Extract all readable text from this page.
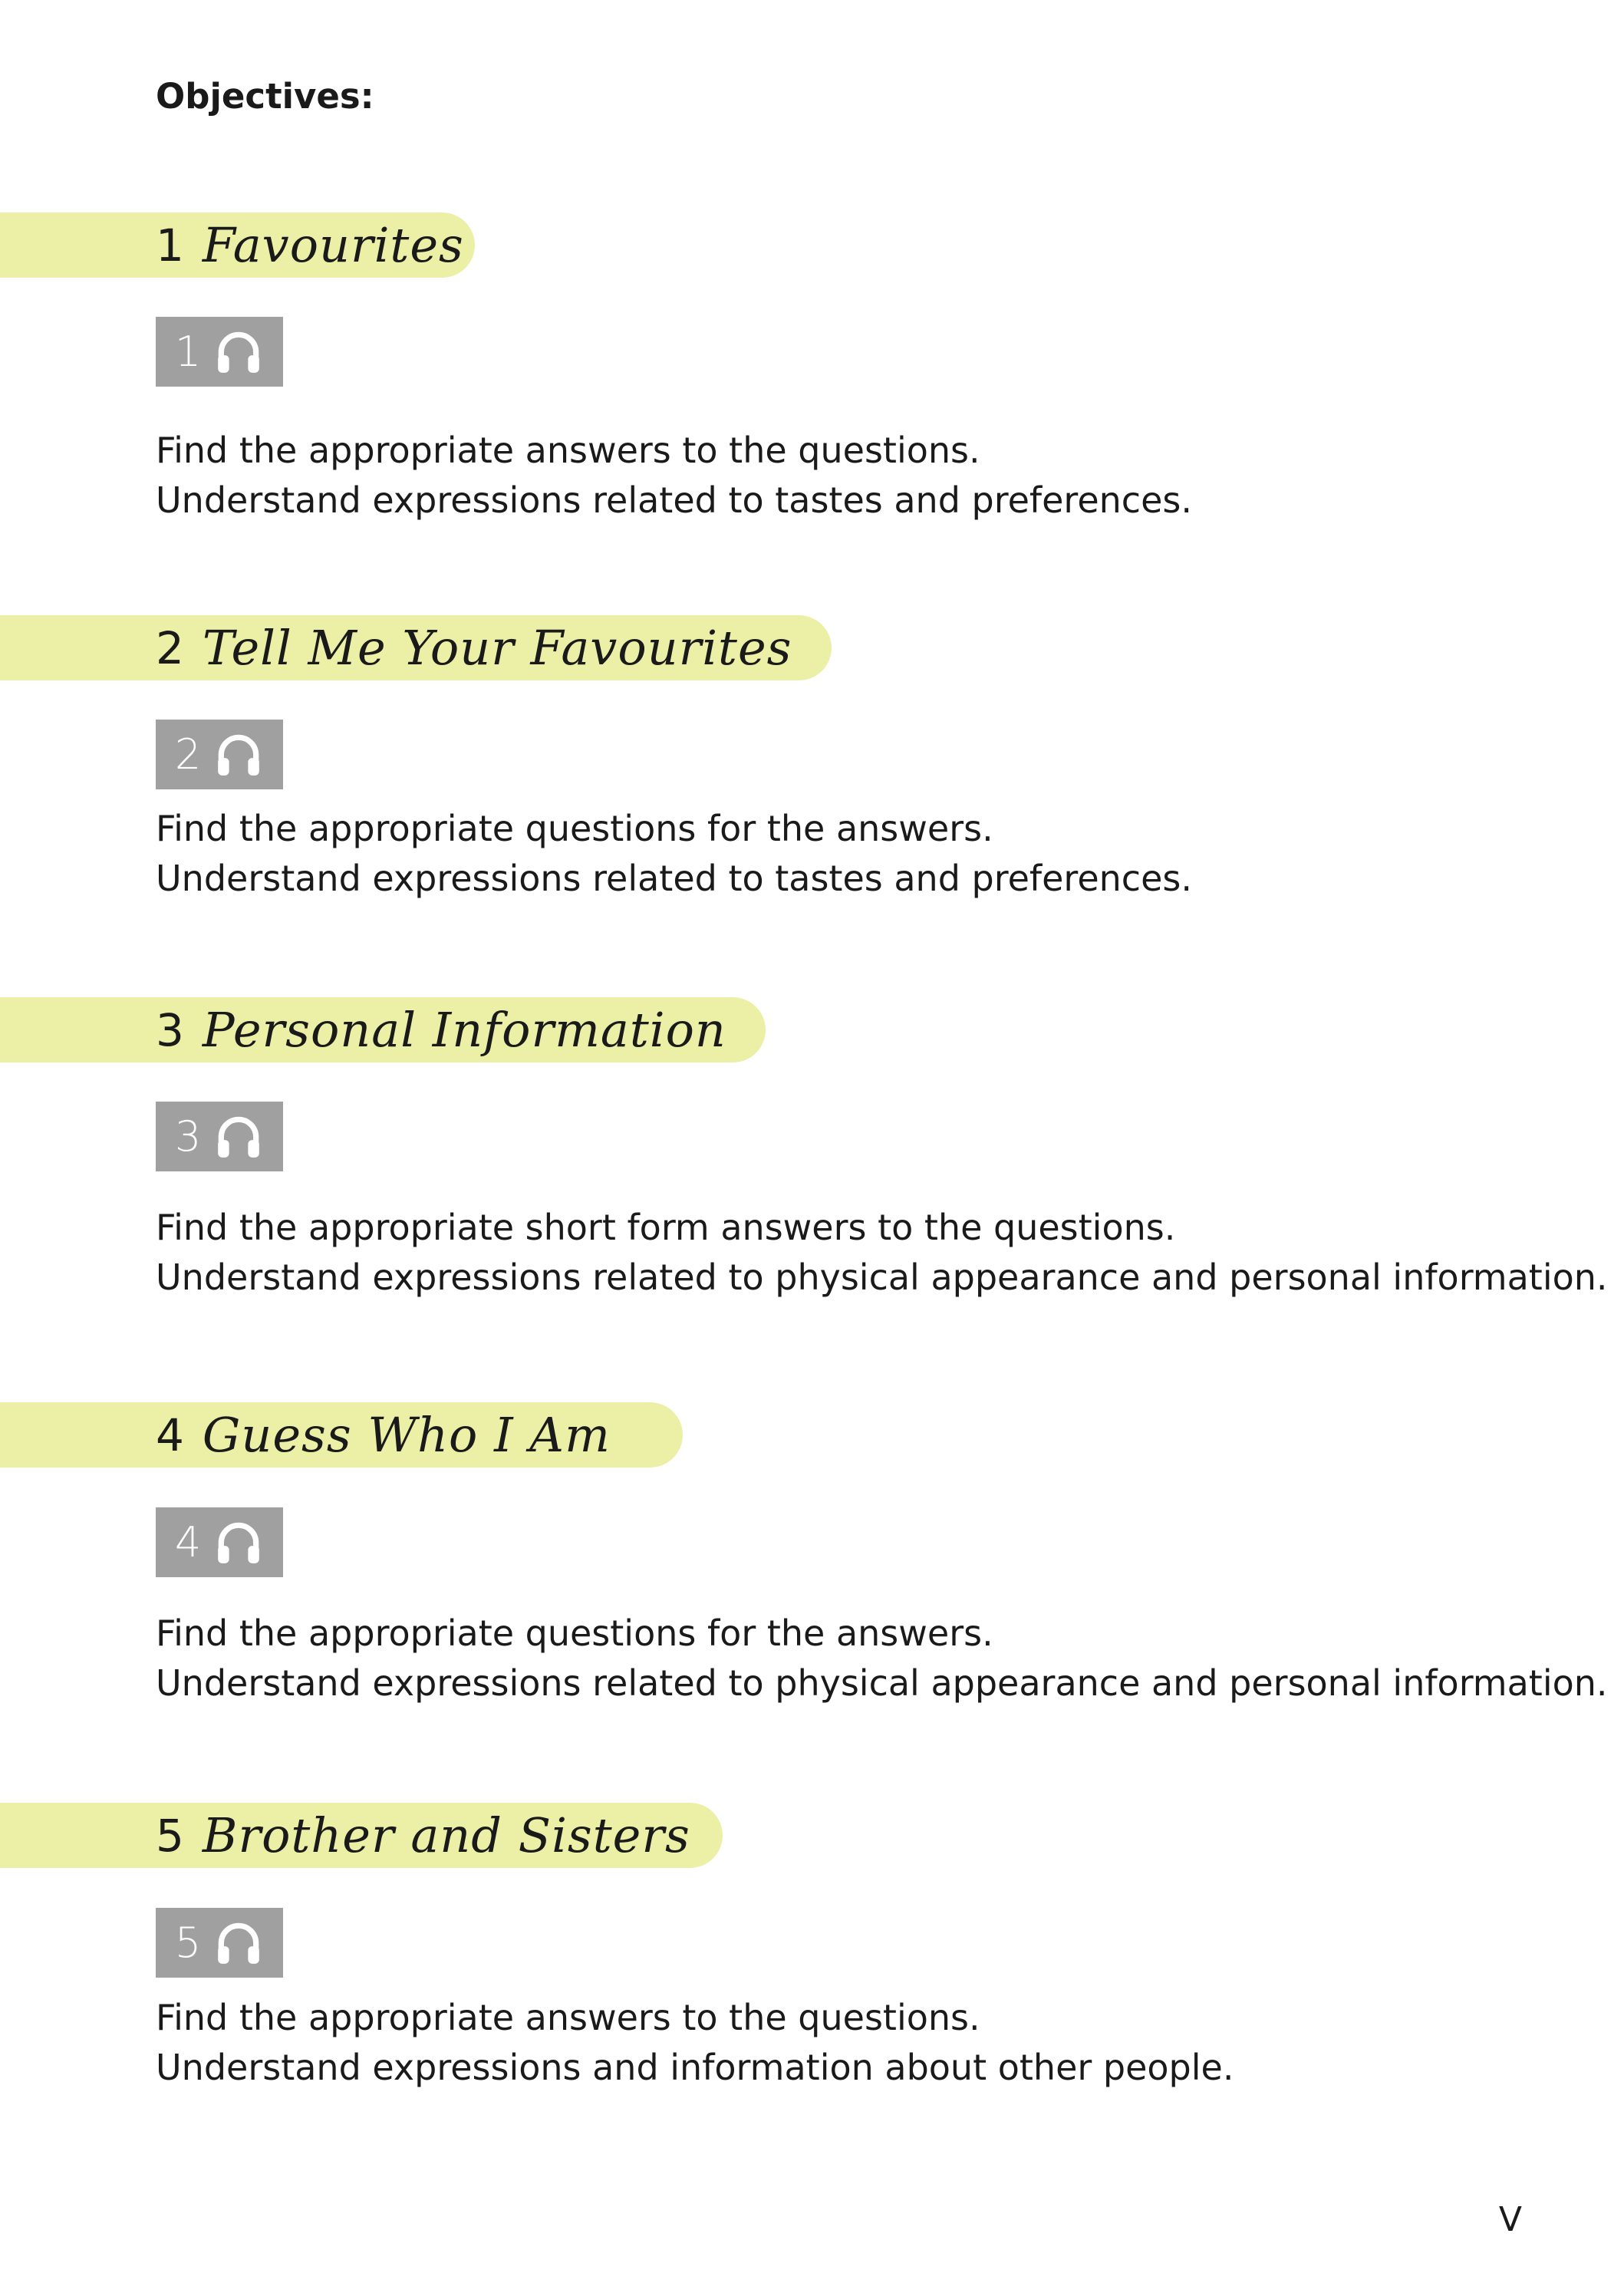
Objectives:
1 Favourites
1

Find the appropriate answers to the questions.
Understand expressions related to tastes and preferences.

2 Tell Me Your Favourites
2

Find the appropriate questions for the answers.
Understand expressions related to tastes and preferences.

3 Personal Information
3

Find the appropriate short form answers to the questions.
Understand expressions related to physical appearance and personal information.

4 Guess Who I Am
4

Find the appropriate questions for the answers.
Understand expressions related to physical appearance and personal information.

5 Brother and Sisters
5

Find the appropriate answers to the questions.
Understand expressions and information about other people.

V
